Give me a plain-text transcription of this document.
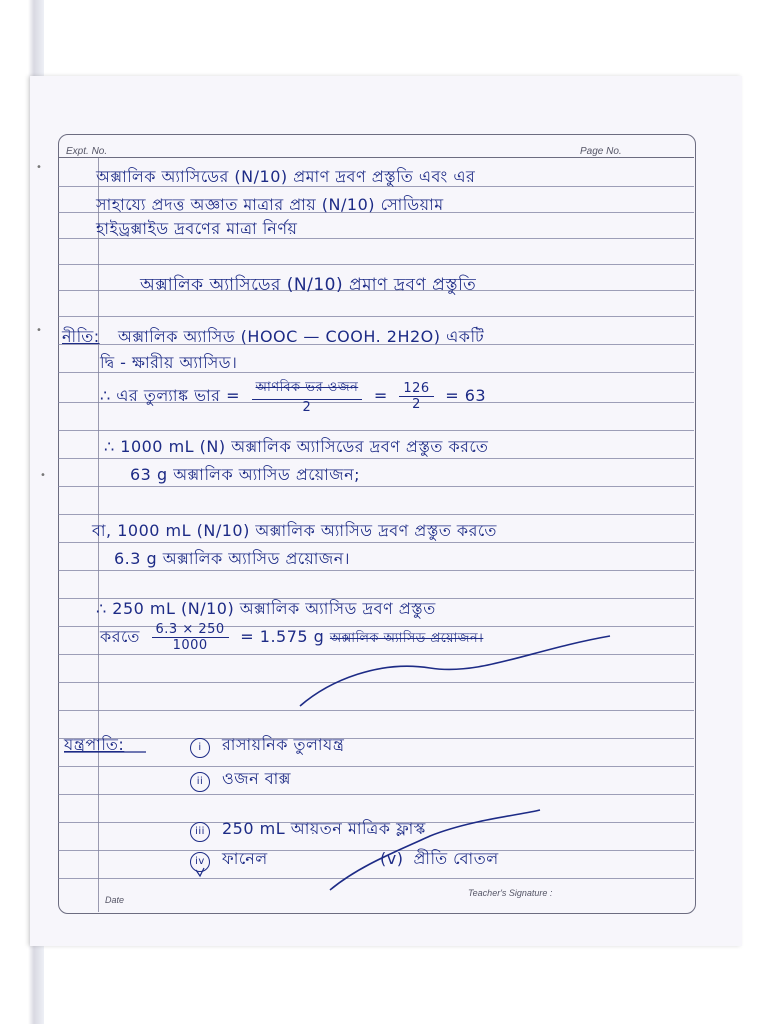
Expt. No.	Page No.
Date
Teacher's Signature :
অক্সালিক অ্যাসিডের (N/10) প্রমাণ দ্রবণ প্রস্তুতি এবং এর
সাহায্যে প্রদত্ত অজ্ঞাত মাত্রার প্রায় (N/10) সোডিয়াম
হাইড্রক্সাইড দ্রবণের মাত্রা নির্ণয়
অক্সালিক অ্যাসিডের (N/10) প্রমাণ দ্রবণ প্রস্তুতি
নীতি: অক্সালিক অ্যাসিড (HOOC — COOH. 2H2O) একটি
দ্বি - ক্ষারীয় অ্যাসিড।
∴ এর তুল্যাঙ্ক ভার = $\frac{\text{আণবিক ভর ওজন}}{2} = \frac{126}{2} = 63$
∴ 1000 mL (N) অক্সালিক অ্যাসিডের দ্রবণ প্রস্তুত করতে
63 g অক্সালিক অ্যাসিড প্রয়োজন;
বা, 1000 mL (N/10) অক্সালিক অ্যাসিড দ্রবণ প্রস্তুত করতে
6.3 g অক্সালিক অ্যাসিড প্রয়োজন।
∴ 250 mL (N/10) অক্সালিক অ্যাসিড দ্রবণ প্রস্তুত
করতে $\frac{6.3 \times 250}{1000} = 1.575$ g অক্সালিক অ্যাসিড প্রয়োজন।
যন্ত্রপাতি:	i রাসায়নিক তুলাযন্ত্র
ii ওজন বাক্স
iii 250 mL আয়তন মাত্রিক ফ্লাস্ক
iv ফানেল	(v) প্রীতি বোতল
•
•
•
